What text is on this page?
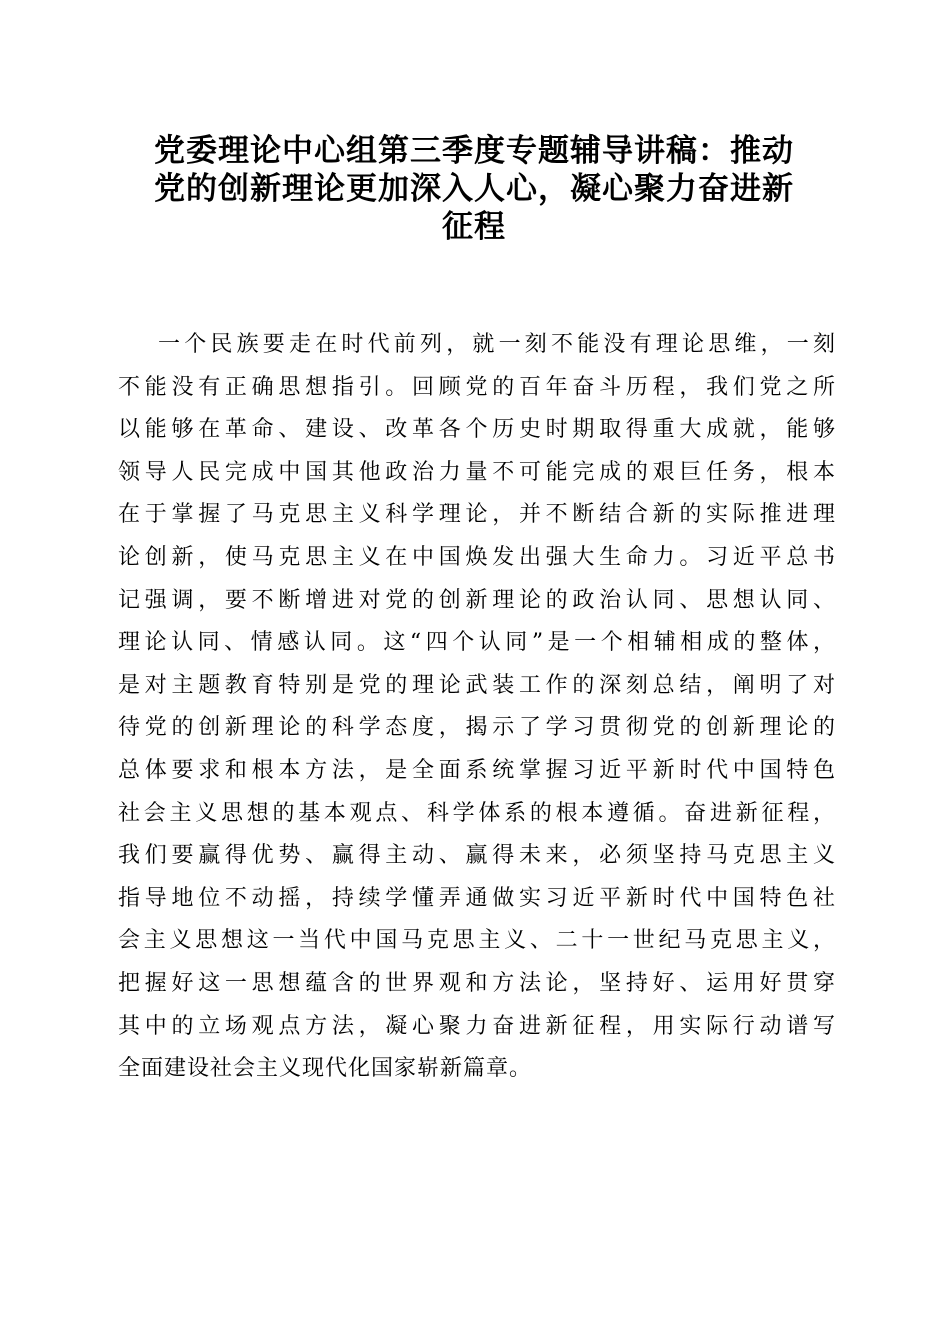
党委理论中心组第三季度专题辅导讲稿：推动
党的创新理论更加深入人心，凝心聚力奋进新
征程
一个民族要走在时代前列，就一刻不能没有理论思维，一刻
不能没有正确思想指引。回顾党的百年奋斗历程，我们党之所
以能够在革命、建设、改革各个历史时期取得重大成就，能够
领导人民完成中国其他政治力量不可能完成的艰巨任务，根本
在于掌握了马克思主义科学理论，并不断结合新的实际推进理
论创新，使马克思主义在中国焕发出强大生命力。习近平总书
记强调，要不断增进对党的创新理论的政治认同、思想认同、
理论认同、情感认同。这“四个认同”是一个相辅相成的整体，
是对主题教育特别是党的理论武装工作的深刻总结，阐明了对
待党的创新理论的科学态度，揭示了学习贯彻党的创新理论的
总体要求和根本方法，是全面系统掌握习近平新时代中国特色
社会主义思想的基本观点、科学体系的根本遵循。奋进新征程，
我们要赢得优势、赢得主动、赢得未来，必须坚持马克思主义
指导地位不动摇，持续学懂弄通做实习近平新时代中国特色社
会主义思想这一当代中国马克思主义、二十一世纪马克思主义，
把握好这一思想蕴含的世界观和方法论，坚持好、运用好贯穿
其中的立场观点方法，凝心聚力奋进新征程，用实际行动谱写
全面建设社会主义现代化国家崭新篇章。
